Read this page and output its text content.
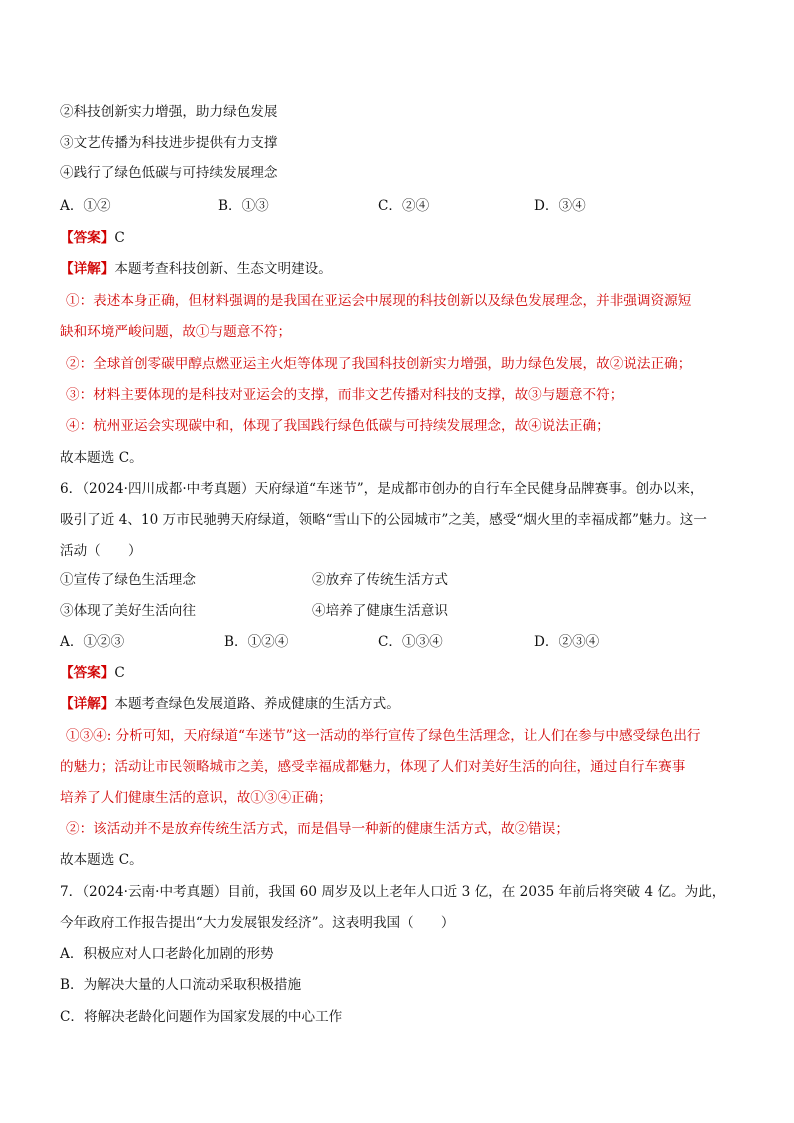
②科技创新实力增强，助力绿色发展
③文艺传播为科技进步提供有力支撑
④践行了绿色低碳与可持续发展理念
A．①②	B．①③	C．②④	D．③④
【答案】C
【详解】本题考查科技创新、生态文明建设。
①：表述本身正确，但材料强调的是我国在亚运会中展现的科技创新以及绿色发展理念，并非强调资源短
缺和环境严峻问题，故①与题意不符；
②：全球首创零碳甲醇点燃亚运主火炬等体现了我国科技创新实力增强，助力绿色发展，故②说法正确；
③：材料主要体现的是科技对亚运会的支撑，而非文艺传播对科技的支撑，故③与题意不符；
④：杭州亚运会实现碳中和，体现了我国践行绿色低碳与可持续发展理念，故④说法正确；
故本题选 C。
6．（2024·四川成都·中考真题）天府绿道“车迷节”，是成都市创办的自行车全民健身品牌赛事。创办以来，
吸引了近 4、10 万市民驰骋天府绿道，领略“雪山下的公园城市”之美，感受“烟火里的幸福成都”魅力。这一
活动（　　）
①宣传了绿色生活理念	②放弃了传统生活方式
③体现了美好生活向往	④培养了健康生活意识
A．①②③	B．①②④	C．①③④	D．②③④
【答案】C
【详解】本题考查绿色发展道路、养成健康的生活方式。
①③④: 分析可知，天府绿道“车迷节”这一活动的举行宣传了绿色生活理念，让人们在参与中感受绿色出行
的魅力；活动让市民领略城市之美，感受幸福成都魅力，体现了人们对美好生活的向往，通过自行车赛事
培养了人们健康生活的意识，故①③④正确；
②：该活动并不是放弃传统生活方式，而是倡导一种新的健康生活方式，故②错误；
故本题选 C。
7．（2024·云南·中考真题）目前，我国 60 周岁及以上老年人口近 3 亿，在 2035 年前后将突破 4 亿。为此，
今年政府工作报告提出“大力发展银发经济”。这表明我国（　　）
A．积极应对人口老龄化加剧的形势
B．为解决大量的人口流动采取积极措施
C．将解决老龄化问题作为国家发展的中心工作
